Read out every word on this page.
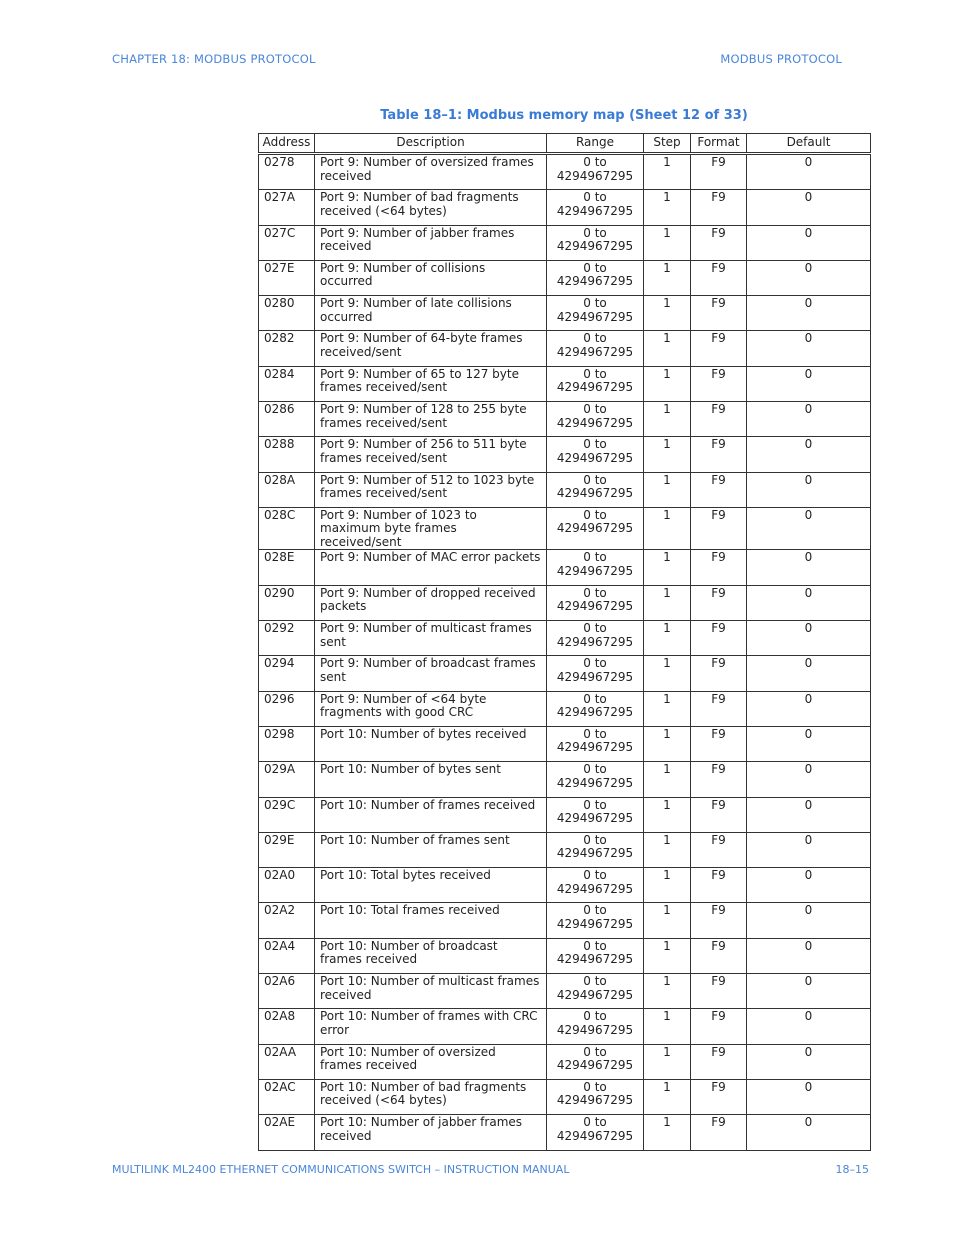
CHAPTER 18: MODBUS PROTOCOL	MODBUS PROTOCOL
Table 18–1: Modbus memory map (Sheet 12 of 33)
Address	Description	Range	Step	Format	Default
0278	Port 9: Number of oversized frames received	0 to 4294967295	1	F9	0
027A	Port 9: Number of bad fragments received (<64 bytes)	0 to 4294967295	1	F9	0
027C	Port 9: Number of jabber frames received	0 to 4294967295	1	F9	0
027E	Port 9: Number of collisions occurred	0 to 4294967295	1	F9	0
0280	Port 9: Number of late collisions occurred	0 to 4294967295	1	F9	0
0282	Port 9: Number of 64-byte frames received/sent	0 to 4294967295	1	F9	0
0284	Port 9: Number of 65 to 127 byte frames received/sent	0 to 4294967295	1	F9	0
0286	Port 9: Number of 128 to 255 byte frames received/sent	0 to 4294967295	1	F9	0
0288	Port 9: Number of 256 to 511 byte frames received/sent	0 to 4294967295	1	F9	0
028A	Port 9: Number of 512 to 1023 byte frames received/sent	0 to 4294967295	1	F9	0
028C	Port 9: Number of 1023 to maximum byte frames received/sent	0 to 4294967295	1	F9	0
028E	Port 9: Number of MAC error packets	0 to 4294967295	1	F9	0
0290	Port 9: Number of dropped received packets	0 to 4294967295	1	F9	0
0292	Port 9: Number of multicast frames sent	0 to 4294967295	1	F9	0
0294	Port 9: Number of broadcast frames sent	0 to 4294967295	1	F9	0
0296	Port 9: Number of <64 byte fragments with good CRC	0 to 4294967295	1	F9	0
0298	Port 10: Number of bytes received	0 to 4294967295	1	F9	0
029A	Port 10: Number of bytes sent	0 to 4294967295	1	F9	0
029C	Port 10: Number of frames received	0 to 4294967295	1	F9	0
029E	Port 10: Number of frames sent	0 to 4294967295	1	F9	0
02A0	Port 10: Total bytes received	0 to 4294967295	1	F9	0
02A2	Port 10: Total frames received	0 to 4294967295	1	F9	0
02A4	Port 10: Number of broadcast frames received	0 to 4294967295	1	F9	0
02A6	Port 10: Number of multicast frames received	0 to 4294967295	1	F9	0
02A8	Port 10: Number of frames with CRC error	0 to 4294967295	1	F9	0
02AA	Port 10: Number of oversized frames received	0 to 4294967295	1	F9	0
02AC	Port 10: Number of bad fragments received (<64 bytes)	0 to 4294967295	1	F9	0
02AE	Port 10: Number of jabber frames received	0 to 4294967295	1	F9	0
MULTILINK ML2400 ETHERNET COMMUNICATIONS SWITCH – INSTRUCTION MANUAL	18–15
